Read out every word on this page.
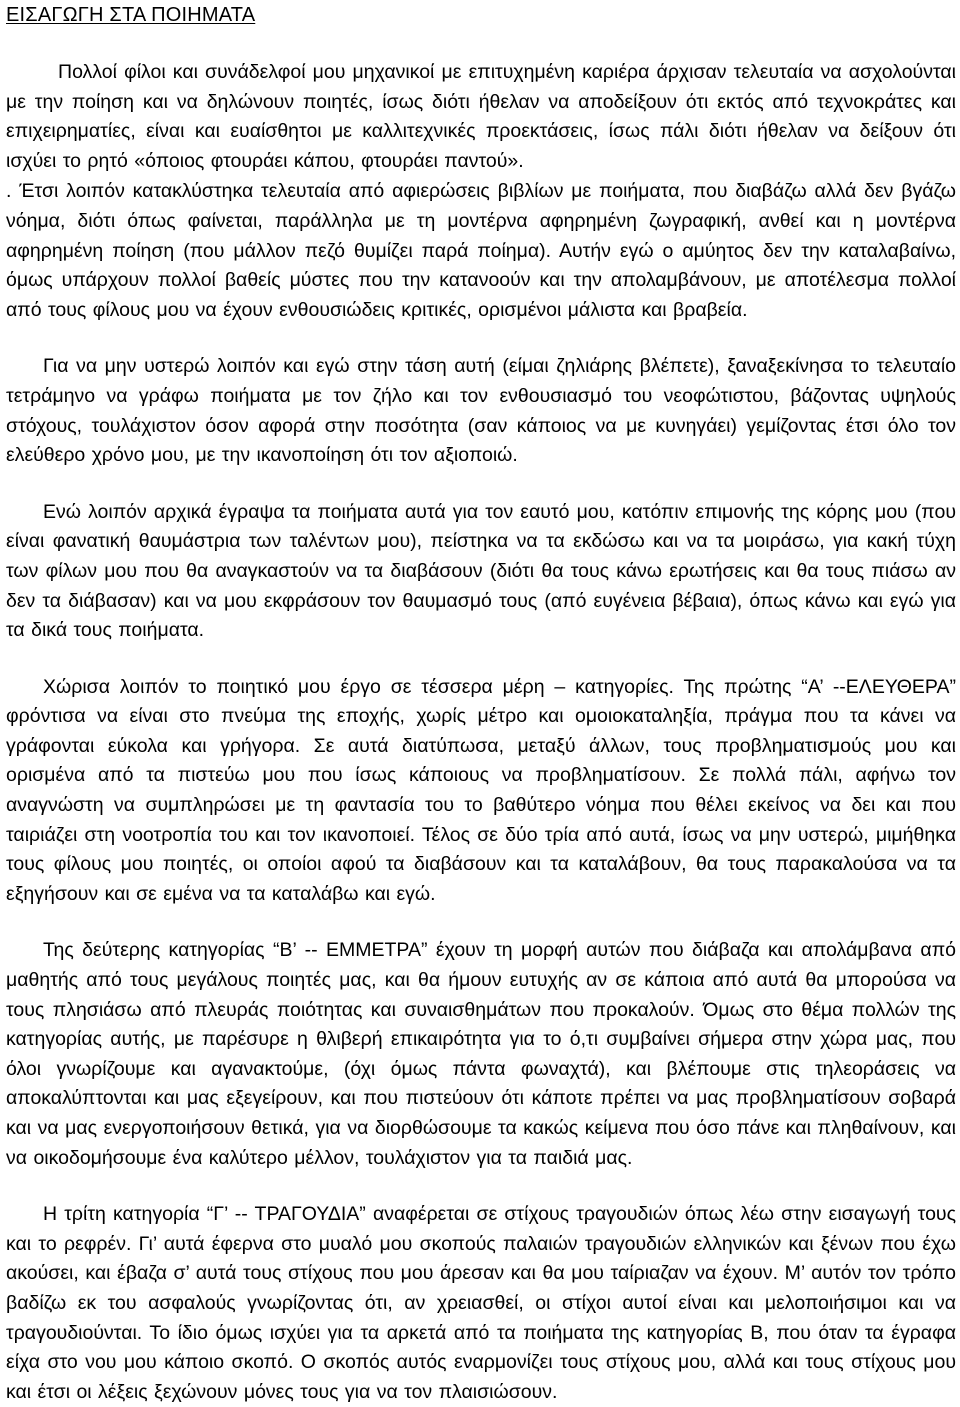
ΕΙΣΑΓΩΓΗ ΣΤΑ ΠΟΙΗΜΑΤΑ

Πολλοί φίλοι και συνάδελφοί μου μηχανικοί με επιτυχημένη καριέρα άρχισαν τελευταία να ασχολούνται με την ποίηση και να δηλώνουν ποιητές, ίσως διότι ήθελαν να αποδείξουν ότι εκτός από τεχνοκράτες και επιχειρηματίες, είναι και ευαίσθητοι με καλλιτεχνικές προεκτάσεις, ίσως πάλι διότι ήθελαν να δείξουν ότι ισχύει το ρητό «όποιος φτουράει κάπου, φτουράει παντού».

. Έτσι λοιπόν κατακλύστηκα τελευταία από αφιερώσεις βιβλίων με ποιήματα, που διαβάζω αλλά δεν βγάζω νόημα, διότι όπως φαίνεται, παράλληλα με τη μοντέρνα αφηρημένη ζωγραφική, ανθεί και η μοντέρνα αφηρημένη ποίηση (που μάλλον πεζό θυμίζει παρά ποίημα). Αυτήν εγώ ο αμύητος δεν την καταλαβαίνω, όμως υπάρχουν πολλοί βαθείς μύστες που την κατανοούν και την απολαμβάνουν, με αποτέλεσμα πολλοί από τους φίλους μου να έχουν ενθουσιώδεις κριτικές, ορισμένοι μάλιστα και βραβεία.

Για να μην υστερώ λοιπόν και εγώ στην τάση αυτή (είμαι ζηλιάρης βλέπετε), ξαναξεκίνησα το τελευταίο τετράμηνο να γράφω ποιήματα με τον ζήλο και τον ενθουσιασμό του νεοφώτιστου, βάζοντας υψηλούς στόχους, τουλάχιστον όσον αφορά στην ποσότητα (σαν κάποιος να με κυνηγάει) γεμίζοντας έτσι όλο τον ελεύθερο χρόνο μου, με την ικανοποίηση ότι τον αξιοποιώ.

Ενώ λοιπόν αρχικά έγραψα τα ποιήματα αυτά για τον εαυτό μου, κατόπιν επιμονής της κόρης μου (που είναι φανατική θαυμάστρια των ταλέντων μου), πείστηκα να τα εκδώσω και να τα μοιράσω, για κακή τύχη των φίλων μου που θα αναγκαστούν να τα διαβάσουν (διότι θα τους κάνω ερωτήσεις και θα τους πιάσω αν δεν τα διάβασαν) και να μου εκφράσουν τον θαυμασμό τους (από ευγένεια βέβαια), όπως κάνω και εγώ για τα δικά τους ποιήματα.

Χώρισα λοιπόν το ποιητικό μου έργο σε τέσσερα μέρη – κατηγορίες. Της πρώτης “Α’ --ΕΛΕΥΘΕΡΑ” φρόντισα να είναι στο πνεύμα της εποχής, χωρίς μέτρο και ομοιοκαταληξία, πράγμα που τα κάνει να γράφονται εύκολα και γρήγορα. Σε αυτά διατύπωσα, μεταξύ άλλων, τους προβληματισμούς μου και ορισμένα από τα πιστεύω μου που ίσως κάποιους να προβληματίσουν. Σε πολλά πάλι, αφήνω τον αναγνώστη να συμπληρώσει με τη φαντασία του το βαθύτερο νόημα που θέλει εκείνος να δει και που ταιριάζει στη νοοτροπία του και τον ικανοποιεί. Τέλος σε δύο τρία από αυτά, ίσως να μην υστερώ, μιμήθηκα τους φίλους μου ποιητές, οι οποίοι αφού τα διαβάσουν και τα καταλάβουν, θα τους παρακαλούσα να τα εξηγήσουν και σε εμένα να τα καταλάβω και εγώ.

Της δεύτερης κατηγορίας “Β’ -- ΕΜΜΕΤΡΑ” έχουν τη μορφή αυτών που διάβαζα και απολάμβανα από μαθητής από τους μεγάλους ποιητές μας, και θα ήμουν ευτυχής αν σε κάποια από αυτά θα μπορούσα να τους πλησιάσω από πλευράς ποιότητας και συναισθημάτων που προκαλούν. Όμως στο θέμα πολλών της κατηγορίας αυτής, με παρέσυρε η θλιβερή επικαιρότητα για το ό,τι συμβαίνει σήμερα στην χώρα μας, που όλοι γνωρίζουμε και αγανακτούμε, (όχι όμως πάντα φωναχτά), και βλέπουμε στις τηλεοράσεις να αποκαλύπτονται και μας εξεγείρουν, και που πιστεύουν ότι κάποτε πρέπει να μας προβληματίσουν σοβαρά και να μας ενεργοποιήσουν θετικά, για να διορθώσουμε τα κακώς κείμενα που όσο πάνε και πληθαίνουν, και να οικοδομήσουμε ένα καλύτερο μέλλον, τουλάχιστον για τα παιδιά μας.

Η τρίτη κατηγορία “Γ’ -- ΤΡΑΓΟΥΔΙΑ” αναφέρεται σε στίχους τραγουδιών όπως λέω στην εισαγωγή τους και το ρεφρέν. Γι’ αυτά έφερνα στο μυαλό μου σκοπούς παλαιών τραγουδιών ελληνικών και ξένων που έχω ακούσει, και έβαζα σ’ αυτά τους στίχους που μου άρεσαν και θα μου ταίριαζαν να έχουν. Μ’ αυτόν τον τρόπο βαδίζω εκ του ασφαλούς γνωρίζοντας ότι, αν χρειασθεί, οι στίχοι αυτοί είναι και μελοποιήσιμοι και να τραγουδιούνται. Το ίδιο όμως ισχύει για τα αρκετά από τα ποιήματα της κατηγορίας Β, που όταν τα έγραφα είχα στο νου μου κάποιο σκοπό. Ο σκοπός αυτός εναρμονίζει τους στίχους μου, αλλά και τους στίχους μου και έτσι οι λέξεις ξεχώνουν μόνες τους για να τον πλαισιώσουν.
